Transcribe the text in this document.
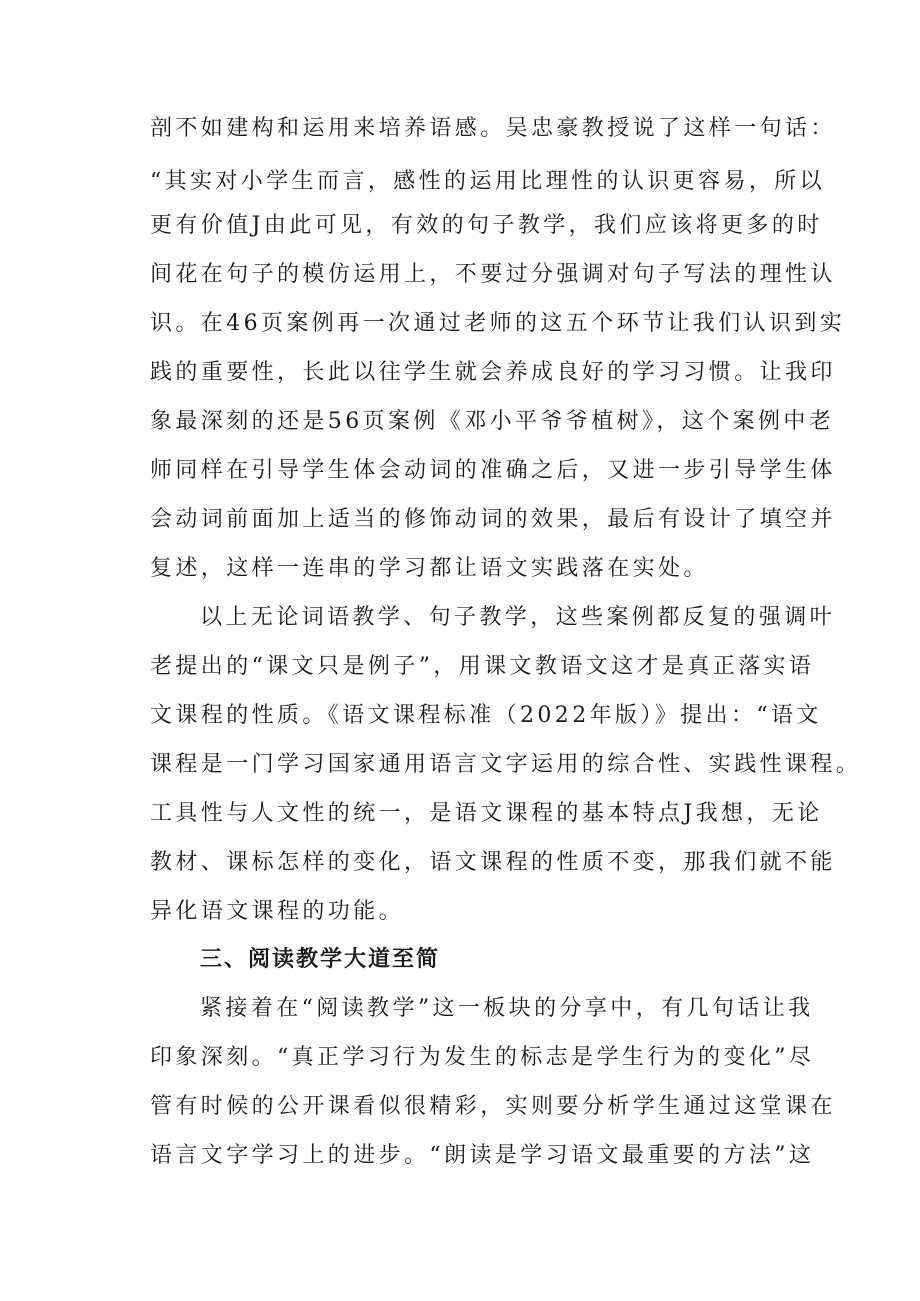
剖不如建构和运用来培养语感。吴忠豪教授说了这样一句话：
“其实对小学生而言，感性的运用比理性的认识更容易，所以
更有价值J由此可见，有效的句子教学，我们应该将更多的时
间花在句子的模仿运用上，不要过分强调对句子写法的理性认
识。在46页案例再一次通过老师的这五个环节让我们认识到实
践的重要性，长此以往学生就会养成良好的学习习惯。让我印
象最深刻的还是56页案例《邓小平爷爷植树》，这个案例中老
师同样在引导学生体会动词的准确之后，又进一步引导学生体
会动词前面加上适当的修饰动词的效果，最后有设计了填空并
复述，这样一连串的学习都让语文实践落在实处。
以上无论词语教学、句子教学，这些案例都反复的强调叶
老提出的“课文只是例子”，用课文教语文这才是真正落实语
文课程的性质。《语文课程标准（2022年版）》提出：“语文
课程是一门学习国家通用语言文字运用的综合性、实践性课程。
工具性与人文性的统一，是语文课程的基本特点J我想，无论
教材、课标怎样的变化，语文课程的性质不变，那我们就不能
异化语文课程的功能。
三、阅读教学大道至简
紧接着在“阅读教学”这一板块的分享中，有几句话让我
印象深刻。“真正学习行为发生的标志是学生行为的变化”尽
管有时候的公开课看似很精彩，实则要分析学生通过这堂课在
语言文字学习上的进步。“朗读是学习语文最重要的方法”这
